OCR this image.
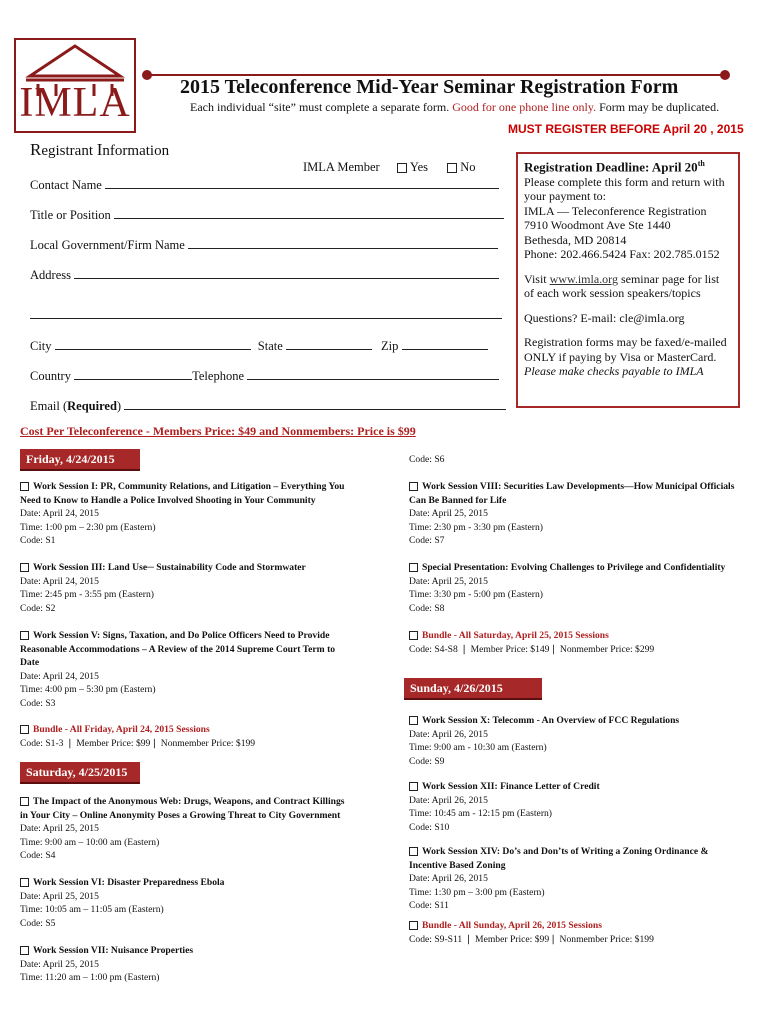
IMLA 2015 Teleconference Mid-Year Seminar Registration Form
Each individual “site” must complete a separate form. Good for one phone line only. Form may be duplicated.
MUST REGISTER BEFORE April 20 , 2015
Registrant Information
IMLA Member Yes	No
Contact Name
Title or Position
Local Government/Firm Name
Address
City	State	Zip
Country	Telephone
Email (Required)
Registration Deadline: April 20th
Please complete this form and return with
your payment to:
IMLA — Teleconference Registration
7910 Woodmont Ave Ste 1440
Bethesda, MD 20814
Phone: 202.466.5424 Fax: 202.785.0152
Visit www.imla.org seminar page for list
of each work session speakers/topics
Questions? E-mail: cle@imla.org
Registration forms may be faxed/e-mailed
ONLY if paying by Visa or MasterCard.
Please make checks payable to IMLA
Cost Per Teleconference - Members Price: $49 and Nonmembers: Price is $99
Friday, 4/24/2015
Saturday, 4/25/2015
Sunday, 4/26/2015
Work Session I: PR, Community Relations, and Litigation – Everything You
Need to Know to Handle a Police Involved Shooting in Your Community
Date: April 24, 2015
Time: 1:00 pm – 2:30 pm (Eastern)
Code: S1
Work Session III: Land Use─ Sustainability Code and Stormwater
Date: April 24, 2015
Time: 2:45 pm - 3:55 pm (Eastern)
Code: S2
Work Session V: Signs, Taxation, and Do Police Officers Need to Provide
Reasonable Accommodations – A Review of the 2014 Supreme Court Term to
Date
Date: April 24, 2015
Time: 4:00 pm – 5:30 pm (Eastern)
Code: S3
Bundle - All Friday, April 24, 2015 Sessions
Code: S1-3 ❘ Member Price: $99❘ Nonmember Price: $199
The Impact of the Anonymous Web: Drugs, Weapons, and Contract Killings
in Your City – Online Anonymity Poses a Growing Threat to City Government
Date: April 25, 2015
Time: 9:00 am – 10:00 am (Eastern)
Code: S4
Work Session VI: Disaster Preparedness Ebola
Date: April 25, 2015
Time: 10:05 am – 11:05 am (Eastern)
Code: S5
Work Session VII: Nuisance Properties
Date: April 25, 2015
Time: 11:20 am – 1:00 pm (Eastern)
Code: S6
Work Session VIII: Securities Law Developments—How Municipal Officials
Can Be Banned for Life
Date: April 25, 2015
Time: 2:30 pm - 3:30 pm (Eastern)
Code: S7
Special Presentation: Evolving Challenges to Privilege and Confidentiality
Date: April 25, 2015
Time: 3:30 pm - 5:00 pm (Eastern)
Code: S8
Bundle - All Saturday, April 25, 2015 Sessions
Code: S4-S8 ❘ Member Price: $149❘ Nonmember Price: $299
Work Session X: Telecomm - An Overview of FCC Regulations
Date: April 26, 2015
Time: 9:00 am - 10:30 am (Eastern)
Code: S9
Work Session XII: Finance Letter of Credit
Date: April 26, 2015
Time: 10:45 am - 12:15 pm (Eastern)
Code: S10
Work Session XIV: Do’s and Don’ts of Writing a Zoning Ordinance &
Incentive Based Zoning
Date: April 26, 2015
Time: 1:30 pm – 3:00 pm (Eastern)
Code: S11
Bundle - All Sunday, April 26, 2015 Sessions
Code: S9-S11 ❘ Member Price: $99❘ Nonmember Price: $199
